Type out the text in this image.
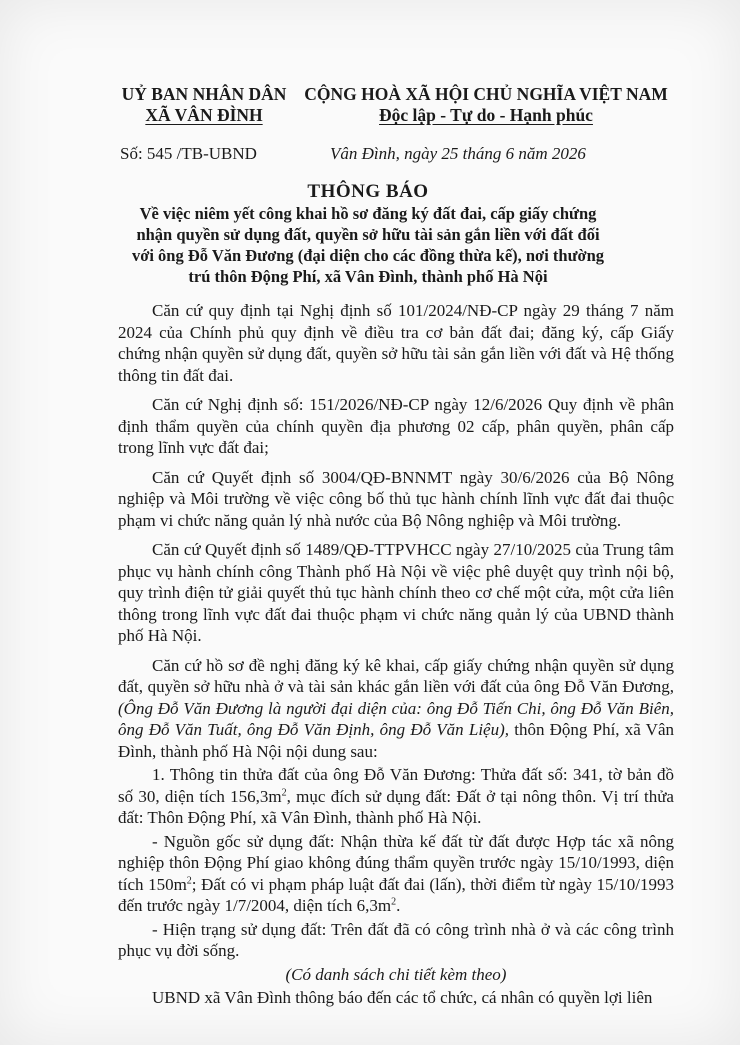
UỶ BAN NHÂN DÂN
XÃ VÂN ĐÌNH
CỘNG HOÀ XÃ HỘI CHỦ NGHĨA VIỆT NAM
Độc lập - Tự do - Hạnh phúc
Số: 545 /TB-UBND	Vân Đình, ngày 25 tháng 6 năm 2026
THÔNG BÁO
Về việc niêm yết công khai hồ sơ đăng ký đất đai, cấp giấy chứng nhận quyền sử dụng đất, quyền sở hữu tài sản gắn liền với đất đối với ông Đỗ Văn Đương (đại diện cho các đồng thừa kế), nơi thường trú thôn Động Phí, xã Vân Đình, thành phố Hà Nội

Căn cứ quy định tại Nghị định số 101/2024/NĐ-CP ngày 29 tháng 7 năm 2024 của Chính phủ quy định về điều tra cơ bản đất đai; đăng ký, cấp Giấy chứng nhận quyền sử dụng đất, quyền sở hữu tài sản gắn liền với đất và Hệ thống thông tin đất đai.

Căn cứ Nghị định số: 151/2026/NĐ-CP ngày 12/6/2026 Quy định về phân định thẩm quyền của chính quyền địa phương 02 cấp, phân quyền, phân cấp trong lĩnh vực đất đai;

Căn cứ Quyết định số 3004/QĐ-BNNMT ngày 30/6/2026 của Bộ Nông nghiệp và Môi trường về việc công bố thủ tục hành chính lĩnh vực đất đai thuộc phạm vi chức năng quản lý nhà nước của Bộ Nông nghiệp và Môi trường.

Căn cứ Quyết định số 1489/QĐ-TTPVHCC ngày 27/10/2025 của Trung tâm phục vụ hành chính công Thành phố Hà Nội về việc phê duyệt quy trình nội bộ, quy trình điện tử giải quyết thủ tục hành chính theo cơ chế một cửa, một cửa liên thông trong lĩnh vực đất đai thuộc phạm vi chức năng quản lý của UBND thành phố Hà Nội.

Căn cứ hồ sơ đề nghị đăng ký kê khai, cấp giấy chứng nhận quyền sử dụng đất, quyền sở hữu nhà ở và tài sản khác gắn liền với đất của ông Đỗ Văn Đương, (Ông Đỗ Văn Đương là người đại diện của: ông Đỗ Tiến Chi, ông Đỗ Văn Biên, ông Đỗ Văn Tuất, ông Đỗ Văn Định, ông Đỗ Văn Liệu), thôn Động Phí, xã Vân Đình, thành phố Hà Nội nội dung sau:

1. Thông tin thửa đất của ông Đỗ Văn Đương: Thửa đất số: 341, tờ bản đồ số 30, diện tích $156,3m^2$, mục đích sử dụng đất: Đất ở tại nông thôn. Vị trí thửa đất: Thôn Động Phí, xã Vân Đình, thành phố Hà Nội.

- Nguồn gốc sử dụng đất: Nhận thừa kế đất từ đất được Hợp tác xã nông nghiệp thôn Động Phí giao không đúng thẩm quyền trước ngày 15/10/1993, diện tích $150m^2$; Đất có vi phạm pháp luật đất đai (lấn), thời điểm từ ngày 15/10/1993 đến trước ngày 1/7/2004, diện tích $6,3m^2$.

- Hiện trạng sử dụng đất: Trên đất đã có công trình nhà ở và các công trình phục vụ đời sống.

(Có danh sách chi tiết kèm theo)

UBND xã Vân Đình thông báo đến các tổ chức, cá nhân có quyền lợi liên
